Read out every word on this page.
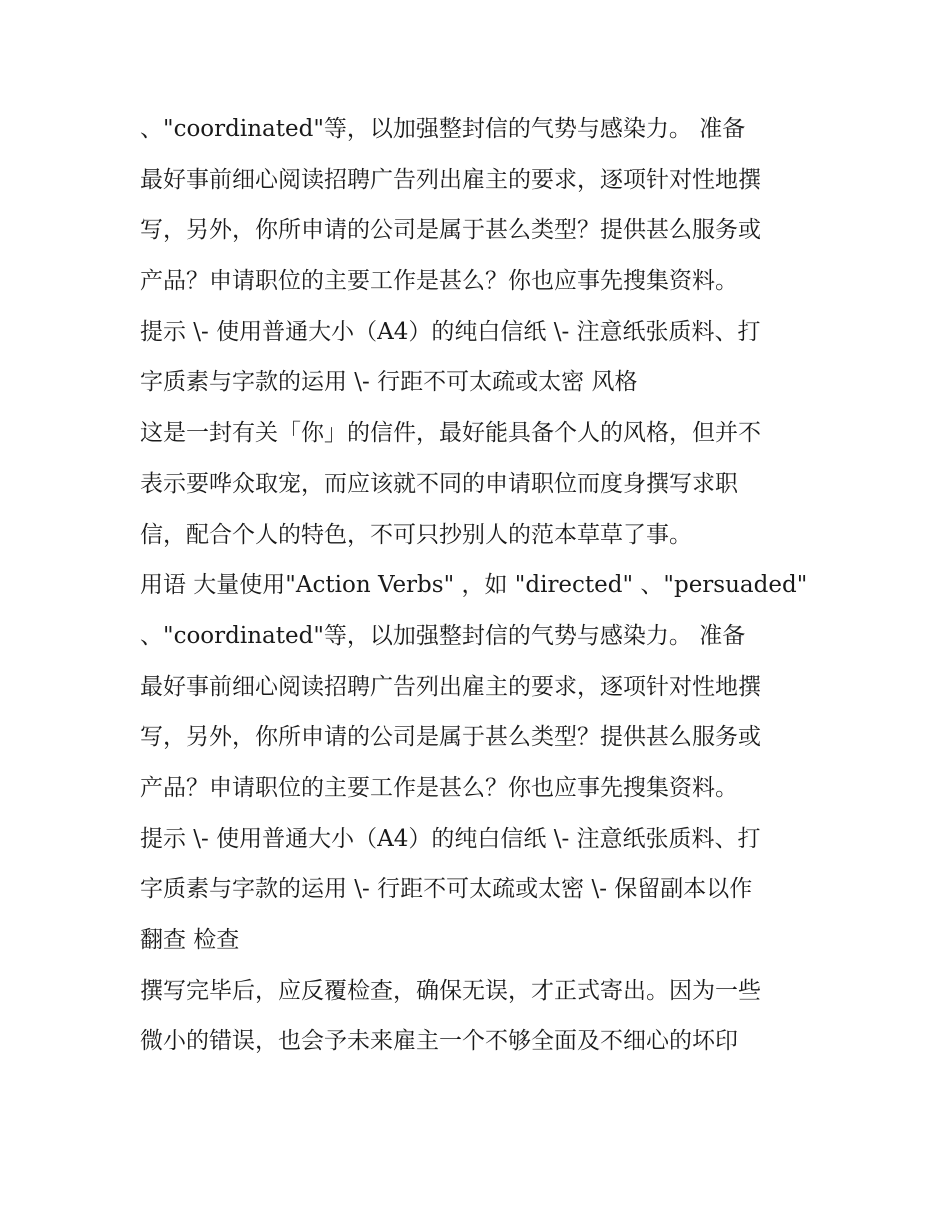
、"coordinated"等，以加强整封信的气势与感染力。 准备
最好事前细心阅读招聘广告列出雇主的要求，逐项针对性地撰
写，另外，你所申请的公司是属于甚么类型？提供甚么服务或
产品？申请职位的主要工作是甚么？你也应事先搜集资料。
提示 \- 使用普通大小（A4）的纯白信纸 \- 注意纸张质料、打
字质素与字款的运用 \- 行距不可太疏或太密 风格
这是一封有关「你」的信件，最好能具备个人的风格，但并不
表示要哗众取宠，而应该就不同的申请职位而度身撰写求职
信，配合个人的特色，不可只抄别人的范本草草了事。
用语 大量使用"Action Verbs" ，如 "directed" 、"persuaded"
、"coordinated"等，以加强整封信的气势与感染力。 准备
最好事前细心阅读招聘广告列出雇主的要求，逐项针对性地撰
写，另外，你所申请的公司是属于甚么类型？提供甚么服务或
产品？申请职位的主要工作是甚么？你也应事先搜集资料。
提示 \- 使用普通大小（A4）的纯白信纸 \- 注意纸张质料、打
字质素与字款的运用 \- 行距不可太疏或太密 \- 保留副本以作
翻查 检查
撰写完毕后，应反覆检查，确保无误，才正式寄出。因为一些
微小的错误，也会予未来雇主一个不够全面及不细心的坏印
